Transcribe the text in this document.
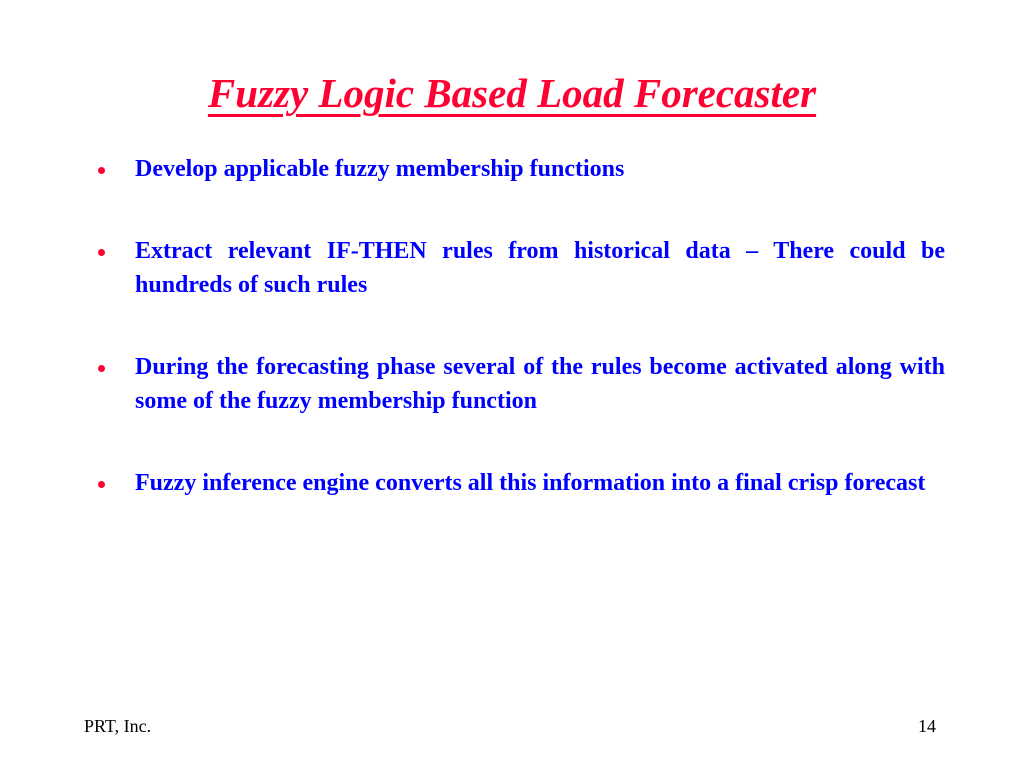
Fuzzy Logic Based Load Forecaster
Develop applicable fuzzy membership functions
Extract relevant IF-THEN rules from historical data – There could be hundreds of such rules
During the forecasting phase several of the rules become activated along with some of the fuzzy membership function
Fuzzy inference engine converts all this information into a final crisp forecast
PRT, Inc.	14
